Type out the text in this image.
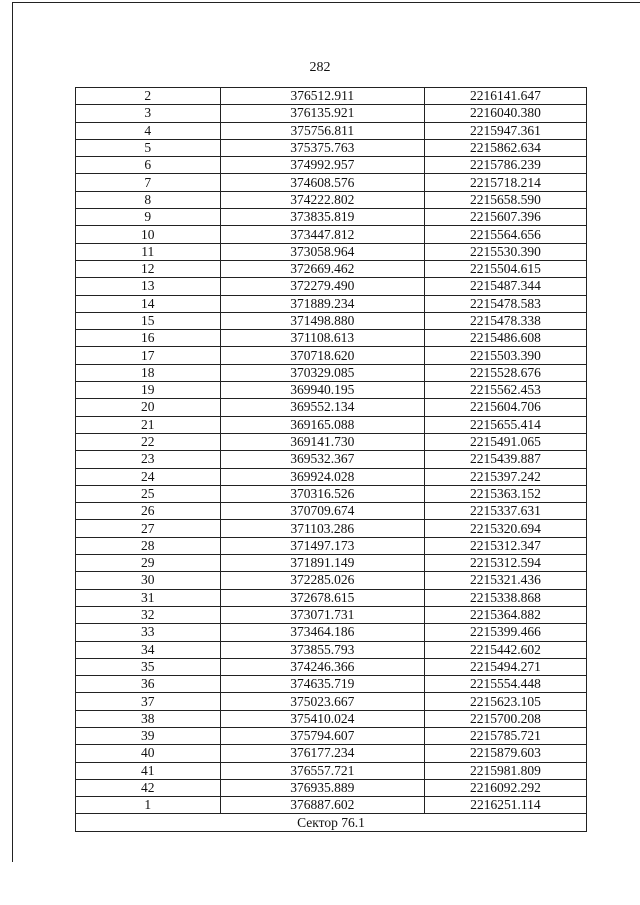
282
2	376512.911	2216141.647
3	376135.921	2216040.380
4	375756.811	2215947.361
5	375375.763	2215862.634
6	374992.957	2215786.239
7	374608.576	2215718.214
8	374222.802	2215658.590
9	373835.819	2215607.396
10	373447.812	2215564.656
11	373058.964	2215530.390
12	372669.462	2215504.615
13	372279.490	2215487.344
14	371889.234	2215478.583
15	371498.880	2215478.338
16	371108.613	2215486.608
17	370718.620	2215503.390
18	370329.085	2215528.676
19	369940.195	2215562.453
20	369552.134	2215604.706
21	369165.088	2215655.414
22	369141.730	2215491.065
23	369532.367	2215439.887
24	369924.028	2215397.242
25	370316.526	2215363.152
26	370709.674	2215337.631
27	371103.286	2215320.694
28	371497.173	2215312.347
29	371891.149	2215312.594
30	372285.026	2215321.436
31	372678.615	2215338.868
32	373071.731	2215364.882
33	373464.186	2215399.466
34	373855.793	2215442.602
35	374246.366	2215494.271
36	374635.719	2215554.448
37	375023.667	2215623.105
38	375410.024	2215700.208
39	375794.607	2215785.721
40	376177.234	2215879.603
41	376557.721	2215981.809
42	376935.889	2216092.292
1	376887.602	2216251.114
Сектор 76.1		
